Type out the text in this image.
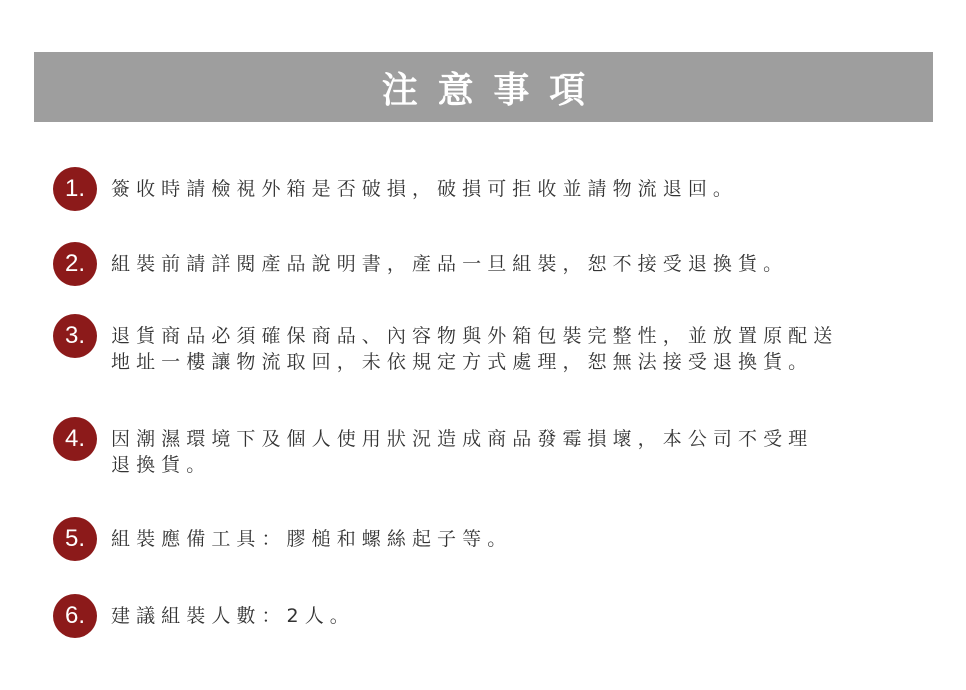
注意事項
1.	簽收時請檢視外箱是否破損，破損可拒收並請物流退回。
2.	組裝前請詳閱產品說明書，產品一旦組裝，恕不接受退換貨。
3.	退貨商品必須確保商品、內容物與外箱包裝完整性，並放置原配送
地址一樓讓物流取回，未依規定方式處理，恕無法接受退換貨。
4.	因潮濕環境下及個人使用狀況造成商品發霉損壞，本公司不受理
退換貨。
5.	組裝應備工具：膠槌和螺絲起子等。
6.	建議組裝人數：2人。
